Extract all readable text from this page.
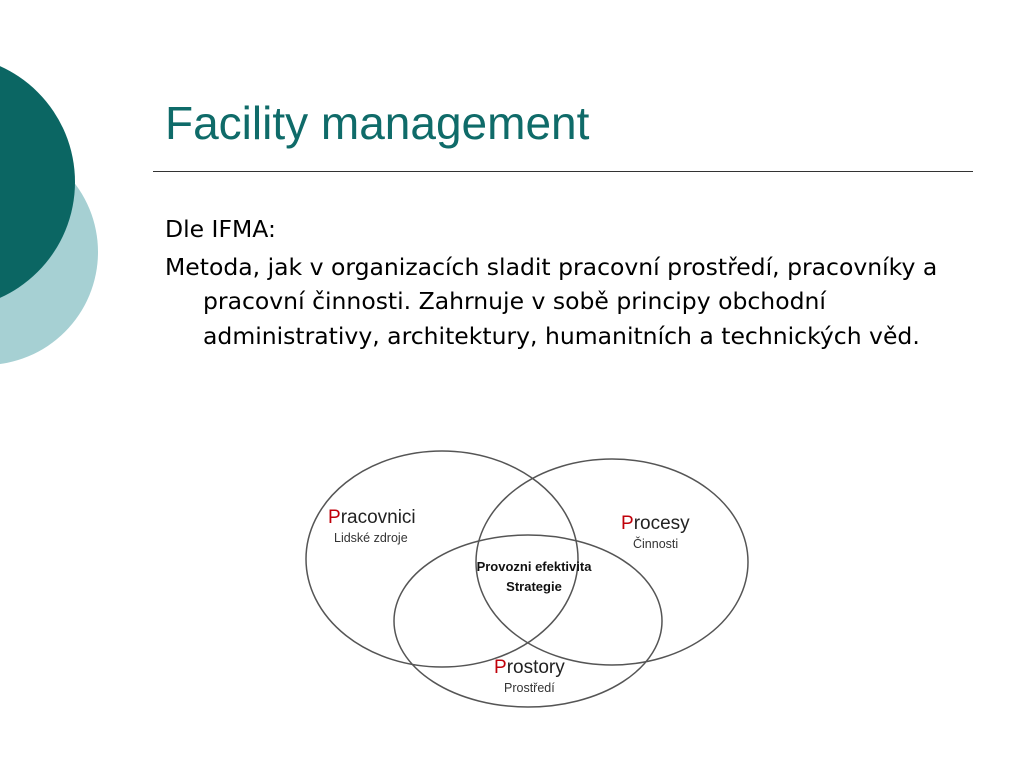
Facility management

Dle IFMA:

Metoda, jak v organizacích sladit pracovní prostředí, pracovníky a pracovní činnosti. Zahrnuje v sobě principy obchodní administrativy, architektury, humanitních a technických věd.

Pracovnici
Lidské zdroje
Procesy
Činnosti
Prostory
Prostředí
Provozni efektivita
Strategie
